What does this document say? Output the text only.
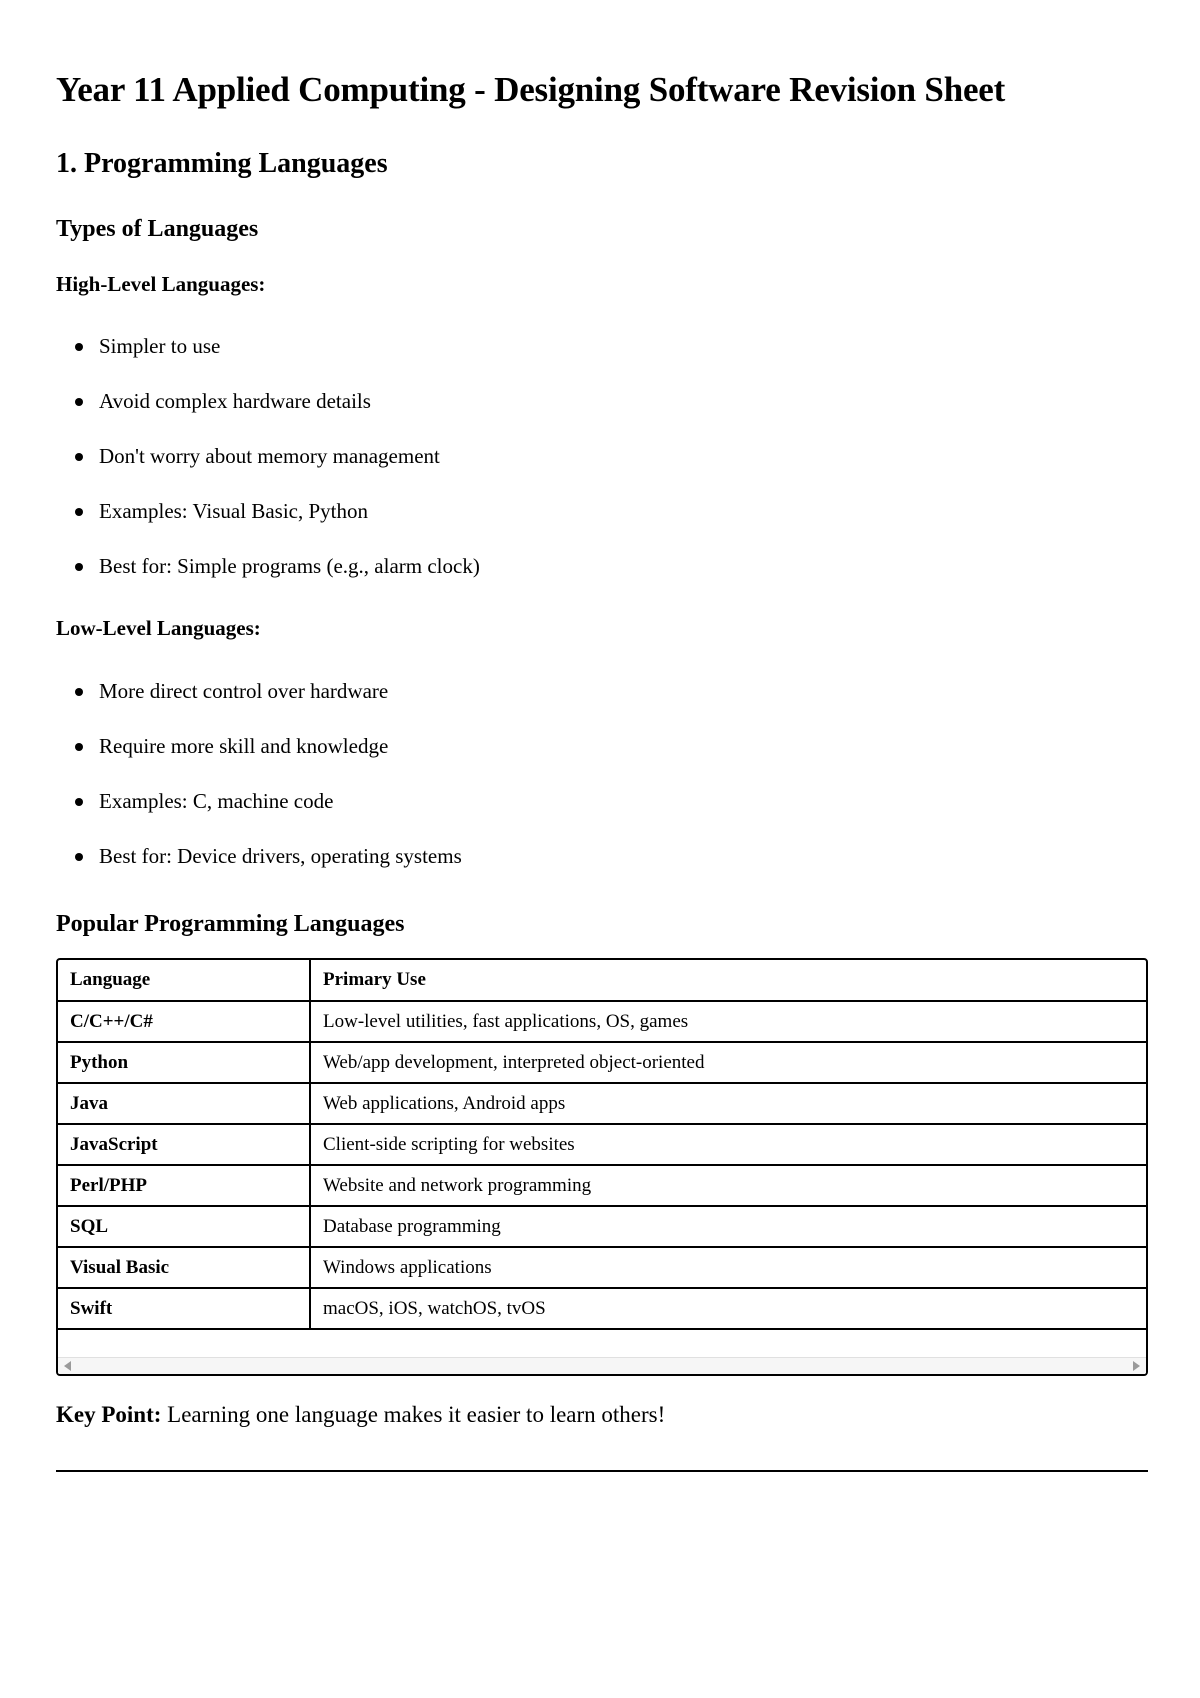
Year 11 Applied Computing - Designing Software Revision Sheet
1. Programming Languages
Types of Languages

High-Level Languages:

Simpler to use
Avoid complex hardware details
Don't worry about memory management
Examples: Visual Basic, Python
Best for: Simple programs (e.g., alarm clock)

Low-Level Languages:

More direct control over hardware
Require more skill and knowledge
Examples: C, machine code
Best for: Device drivers, operating systems
Popular Programming Languages
Language	Primary Use
C/C++/C#	Low-level utilities, fast applications, OS, games
Python	Web/app development, interpreted object-oriented
Java	Web applications, Android apps
JavaScript	Client-side scripting for websites
Perl/PHP	Website and network programming
SQL	Database programming
Visual Basic	Windows applications
Swift	macOS, iOS, watchOS, tvOS

Key Point: Learning one language makes it easier to learn others!
